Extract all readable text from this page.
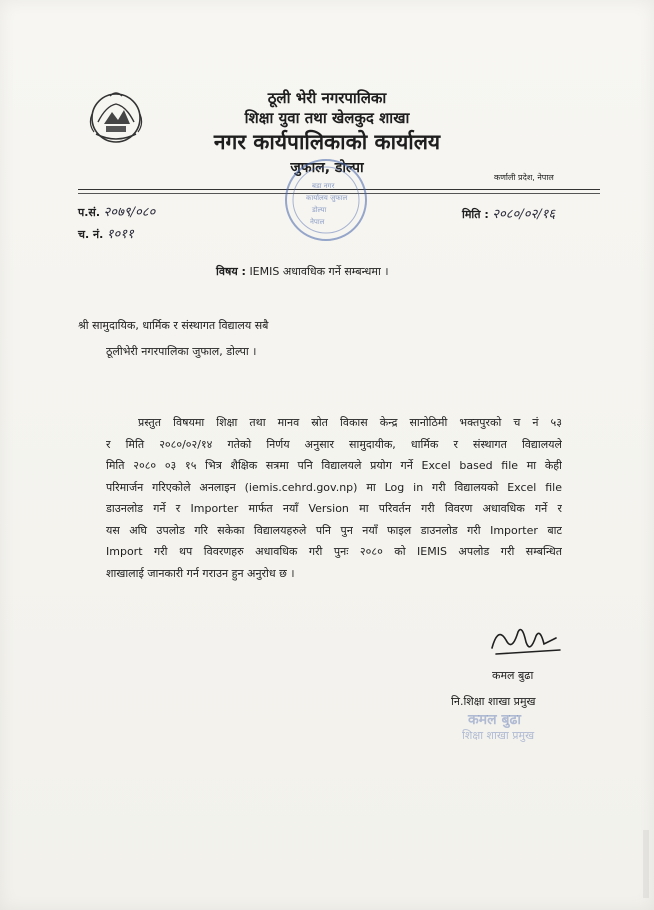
ठूली भेरी नगरपालिका
शिक्षा युवा तथा खेलकुद शाखा
नगर कार्यपालिकाको कार्यालय
जुफाल, डोल्पा
कर्णाली प्रदेश, नेपाल
बडा नगर
कार्यालय जुफाल
डोल्पा
नेपाल
प.सं. २०७९/०८०
च. नं. १०११
मिति : २०८०/०२/१६
विषय : IEMIS अधावधिक गर्ने सम्बन्धमा ।
श्री सामुदायिक, धार्मिक र संस्थागत विद्यालय सबै
ठूलीभेरी नगरपालिका जुफाल, डोल्पा ।
प्रस्तुत विषयमा शिक्षा तथा मानव स्रोत विकास केन्द्र सानोठिमी भक्तपुरको च नं ५३
र मिति २०८०/०२/१४ गतेको निर्णय अनुसार सामुदायीक, धार्मिक र संस्थागत विद्यालयले
मिति २०८० ०३ १५ भित्र शैक्षिक सत्रमा पनि विद्यालयले प्रयोग गर्ने Excel based file मा केही
परिमार्जन गरिएकोले अनलाइन (iemis.cehrd.gov.np) मा Log in गरी विद्यालयको Excel file
डाउनलोड गर्ने र Importer मार्फत नयाँ Version मा परिवर्तन गरी विवरण अधावधिक गर्ने र
यस अघि उपलोड गरि सकेका विद्यालयहरुले पनि पुन नयाँ फाइल डाउनलोड गरी Importer बाट
Import गरी थप विवरणहरु अधावधिक गरी पुनः २०८० को IEMIS अपलोड गरी सम्बन्धित
शाखालाई जानकारी गर्न गराउन हुन अनुरोध छ ।
कमल बुढा
नि.शिक्षा शाखा प्रमुख
कमल बुढा
शिक्षा शाखा प्रमुख
